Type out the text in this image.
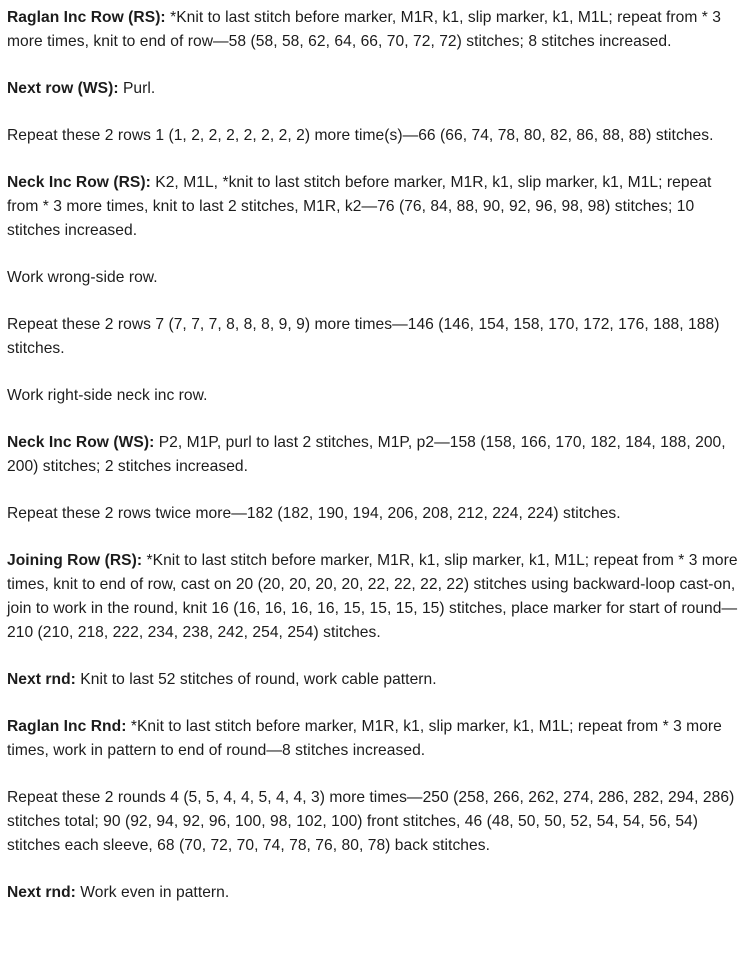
Raglan Inc Row (RS): *Knit to last stitch before marker, M1R, k1, slip marker, k1, M1L; repeat from * 3 more times, knit to end of row—58 (58, 58, 62, 64, 66, 70, 72, 72) stitches; 8 stitches increased.

Next row (WS): Purl.

Repeat these 2 rows 1 (1, 2, 2, 2, 2, 2, 2, 2) more time(s)—66 (66, 74, 78, 80, 82, 86, 88, 88) stitches.

Neck Inc Row (RS): K2, M1L, *knit to last stitch before marker, M1R, k1, slip marker, k1, M1L; repeat from * 3 more times, knit to last 2 stitches, M1R, k2—76 (76, 84, 88, 90, 92, 96, 98, 98) stitches; 10 stitches increased.

Work wrong-side row.

Repeat these 2 rows 7 (7, 7, 7, 8, 8, 8, 9, 9) more times—146 (146, 154, 158, 170, 172, 176, 188, 188) stitches.

Work right-side neck inc row.

Neck Inc Row (WS): P2, M1P, purl to last 2 stitches, M1P, p2—158 (158, 166, 170, 182, 184, 188, 200, 200) stitches; 2 stitches increased.

Repeat these 2 rows twice more—182 (182, 190, 194, 206, 208, 212, 224, 224) stitches.

Joining Row (RS): *Knit to last stitch before marker, M1R, k1, slip marker, k1, M1L; repeat from * 3 more times, knit to end of row, cast on 20 (20, 20, 20, 20, 22, 22, 22, 22) stitches using backward-loop cast-on, join to work in the round, knit 16 (16, 16, 16, 16, 15, 15, 15, 15) stitches, place marker for start of round—210 (210, 218, 222, 234, 238, 242, 254, 254) stitches.

Next rnd: Knit to last 52 stitches of round, work cable pattern.

Raglan Inc Rnd: *Knit to last stitch before marker, M1R, k1, slip marker, k1, M1L; repeat from * 3 more times, work in pattern to end of round—8 stitches increased.

Repeat these 2 rounds 4 (5, 5, 4, 4, 5, 4, 4, 3) more times—250 (258, 266, 262, 274, 286, 282, 294, 286) stitches total; 90 (92, 94, 92, 96, 100, 98, 102, 100) front stitches, 46 (48, 50, 50, 52, 54, 54, 56, 54) stitches each sleeve, 68 (70, 72, 70, 74, 78, 76, 80, 78) back stitches.

Next rnd: Work even in pattern.
